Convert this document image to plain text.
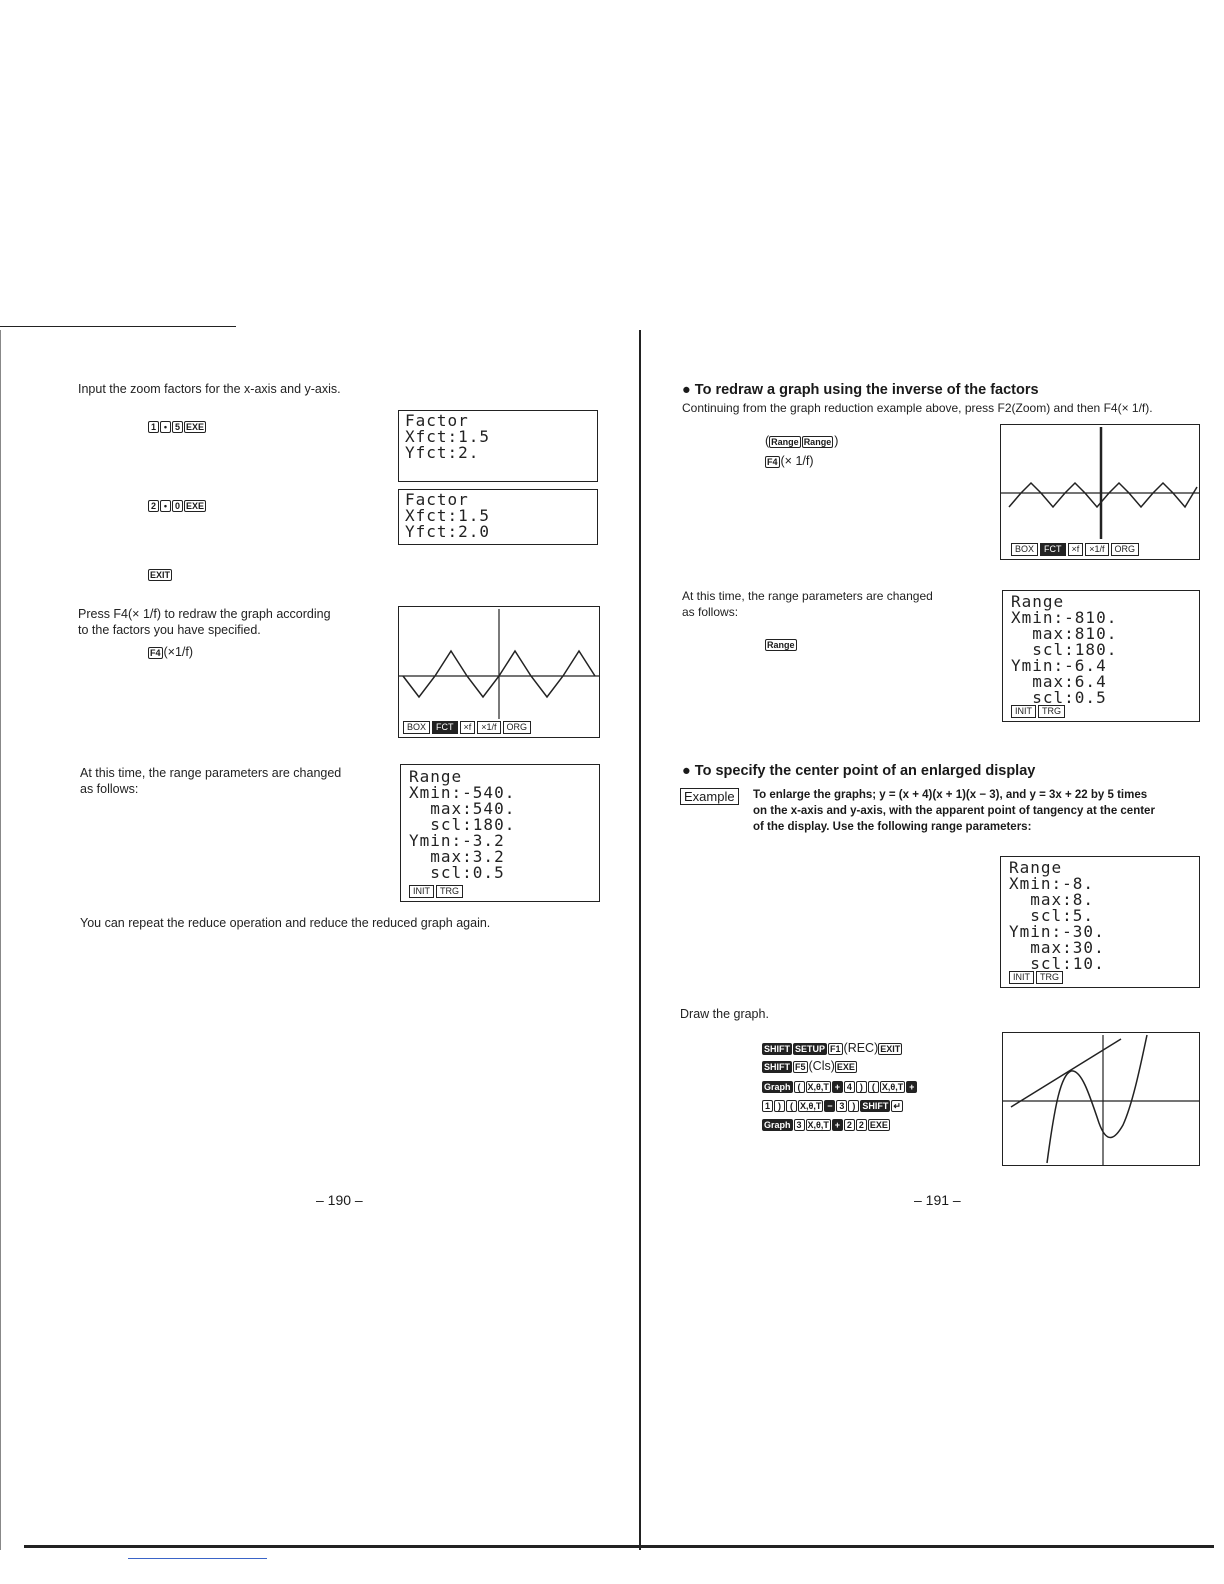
Input the zoom factors for the x-axis and y-axis.
1 • 5 EXE	Factor
Xfct:1.5
Yfct:2.
2 • 0 EXE	Factor
Xfct:1.5
Yfct:2.0
EXIT
Press F4(× 1/f) to redraw the graph according
to the factors you have specified.
F4 (×1/f)
BOX	FCT	×f	×1/f	ORG
At this time, the range parameters are changed
as follows:
Range
Xmin:-540.
max:540.
scl:180.
Ymin:-3.2
max:3.2
scl:0.5
INIT	TRG
You can repeat the reduce operation and reduce the reduced graph again.
– 190 –
● To redraw a graph using the inverse of the factors
Continuing from the graph reduction example above, press F2(Zoom) and then F4(× 1/f).
( Range Range )
F4 (× 1/f)
BOX	FCT	×f	×1/f	ORG
At this time, the range parameters are changed
as follows:
Range
Range
Xmin:-810.
max:810.
scl:180.
Ymin:-6.4
max:6.4
scl:0.5
INIT	TRG
● To specify the center point of an enlarged display
Example	To enlarge the graphs; y = (x + 4)(x + 1)(x − 3), and y = 3x + 22 by 5 times
on the x-axis and y-axis, with the apparent point of tangency at the center
of the display. Use the following range parameters:
Range
Xmin:-8.
max:8.
scl:5.
Ymin:-30.
max:30.
scl:10.
INIT	TRG
Draw the graph.
SHIFT SETUP F1 (REC) EXIT
SHIFT F5 (Cls) EXE
Graph ( X,θ,T + 4 ) ( X,θ,T +
1 ) ( X,θ,T − 3 ) SHIFT ↵
Graph 3 X,θ,T + 2 2 EXE
– 191 –
